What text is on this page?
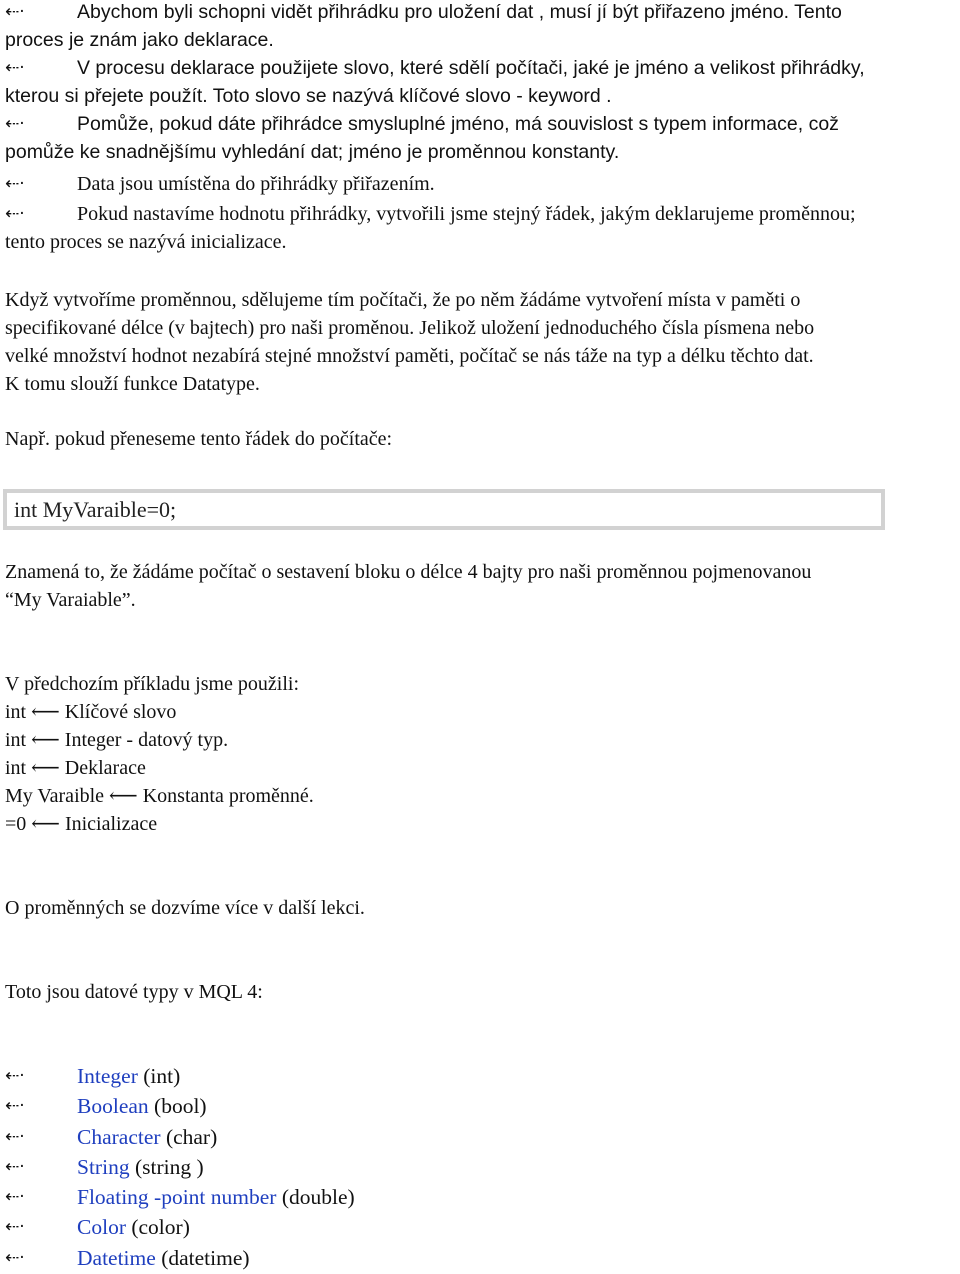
⇠·	Abychom byli schopni vidět přihrádku pro uložení dat , musí jí být přiřazeno jméno. Tento
proces je znám jako deklarace.
⇠·	V procesu deklarace použijete slovo, které sdělí počítači, jaké je jméno a velikost přihrádky,
kterou si přejete použít. Toto slovo se nazývá klíčové slovo - keyword .
⇠·	Pomůže, pokud dáte přihrádce smysluplné jméno, má souvislost s typem informace, což
pomůže ke snadnějšímu vyhledání dat; jméno je proměnnou konstanty.
⇠·	Data jsou umístěna do přihrádky přiřazením.
⇠·	Pokud nastavíme hodnotu přihrádky, vytvořili jsme stejný řádek, jakým deklarujeme proměnnou;
tento proces se nazývá inicializace.
Když vytvoříme proměnnou, sdělujeme tím počítači, že po něm žádáme vytvoření místa v paměti o
specifikované délce (v bajtech) pro naši proměnou. Jelikož uložení jednoduchého čísla písmena nebo
velké množství hodnot nezabírá stejné množství paměti, počítač se nás táže na typ a délku těchto dat.
K tomu slouží funkce Datatype.
Např. pokud přeneseme tento řádek do počítače:
int MyVaraible=0;
Znamená to, že žádáme počítač o sestavení bloku o délce 4 bajty pro naši proměnnou pojmenovanou
“My Varaiable”.
V předchozím příkladu jsme použili:
int ⟵ Klíčové slovo
int ⟵ Integer - datový typ.
int ⟵ Deklarace
My Varaible ⟵ Konstanta proměnné.
=0 ⟵ Inicializace
O proměnných se dozvíme více v další lekci.
Toto jsou datové typy v MQL 4:
⇠· Integer (int)
⇠· Boolean (bool)
⇠· Character (char)
⇠· String (string )
⇠· Floating -point number (double)
⇠· Color (color)
⇠· Datetime (datetime)
